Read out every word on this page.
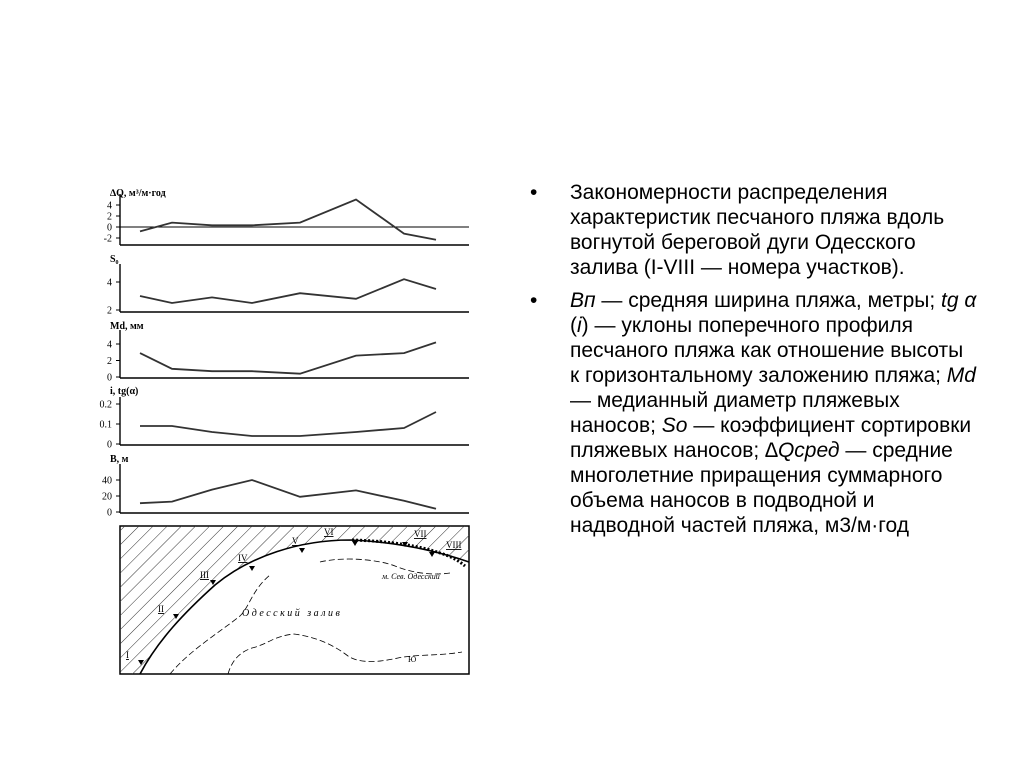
• Закономерности распределения характеристик песчаного пляжа вдоль вогнутой береговой дуги Одесского залива (I-VIII — номера участков).
• Bп — средняя ширина пляжа, метры; tg α (i) — уклоны поперечного профиля песчаного пляжа как отношение высоты к горизонтальному заложению пляжа; Md — медианный диаметр пляжевых наносов; So — коэффициент сортировки пляжевых наносов; ∆Qсред — средние многолетние приращения суммарного объема наносов в подводной и надводной частей пляжа, м3/м·год
∆Q, м³/м·год
4
2
0
-2
S₀
4
2
Md, мм
4
2
0
i, tg(α)
0.2
0.1
0
В, м
40
20
0
Одесский залив
м. Сев. Одесский
Ю
I
II
III
IV
V
VI	VII
VIII
